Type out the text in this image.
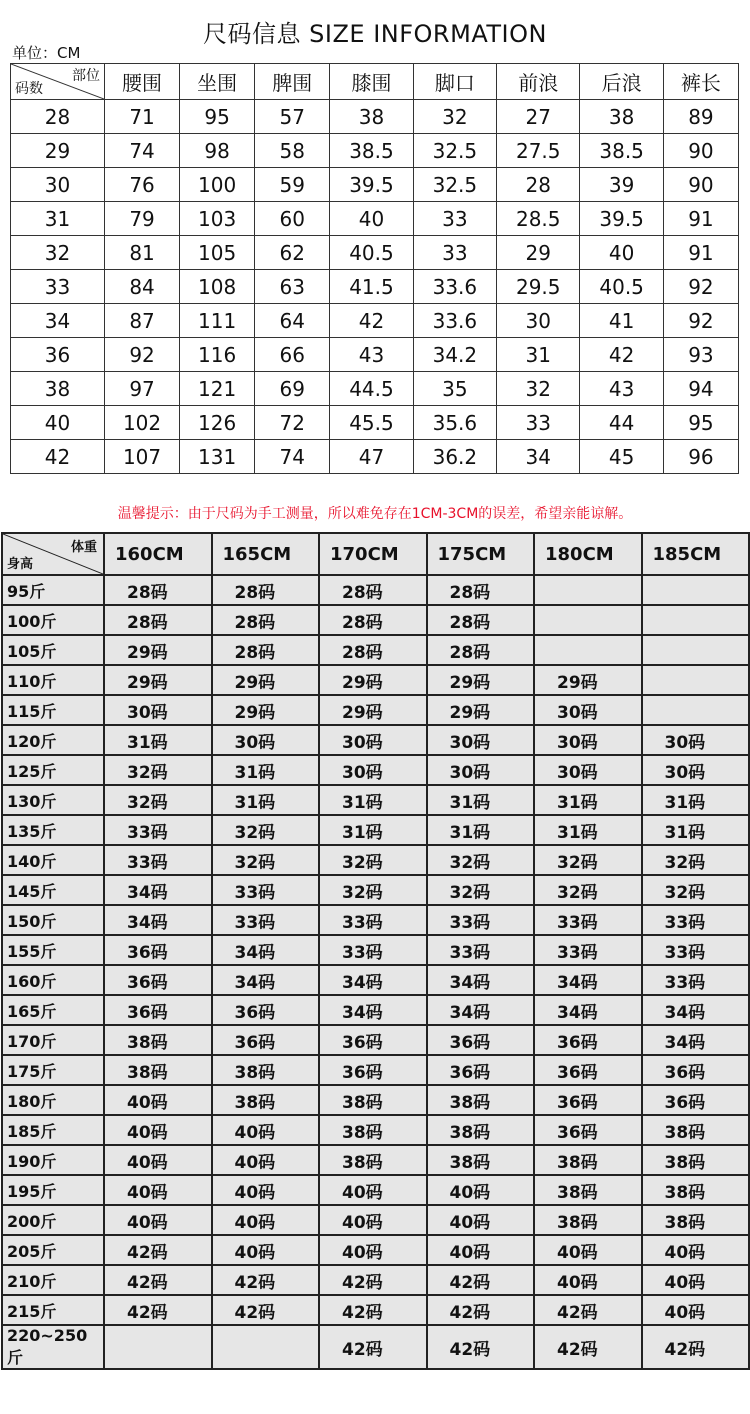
尺码信息 SIZE INFORMATION
单位：CM
部位
码数	腰围	坐围	脾围	膝围	脚口	前浪	后浪	裤长
28	71	95	57	38	32	27	38	89
29	74	98	58	38.5	32.5	27.5	38.5	90
30	76	100	59	39.5	32.5	28	39	90
31	79	103	60	40	33	28.5	39.5	91
32	81	105	62	40.5	33	29	40	91
33	84	108	63	41.5	33.6	29.5	40.5	92
34	87	111	64	42	33.6	30	41	92
36	92	116	66	43	34.2	31	42	93
38	97	121	69	44.5	35	32	43	94
40	102	126	72	45.5	35.6	33	44	95
42	107	131	74	47	36.2	34	45	96
温馨提示：由于尺码为手工测量，所以难免存在1CM-3CM的误差，希望亲能谅解。
体重
身高	160CM	165CM	170CM	175CM	180CM	185CM
95斤	28码	28码	28码	28码		
100斤	28码	28码	28码	28码		
105斤	29码	28码	28码	28码		
110斤	29码	29码	29码	29码	29码	
115斤	30码	29码	29码	29码	30码	
120斤	31码	30码	30码	30码	30码	30码
125斤	32码	31码	30码	30码	30码	30码
130斤	32码	31码	31码	31码	31码	31码
135斤	33码	32码	31码	31码	31码	31码
140斤	33码	32码	32码	32码	32码	32码
145斤	34码	33码	32码	32码	32码	32码
150斤	34码	33码	33码	33码	33码	33码
155斤	36码	34码	33码	33码	33码	33码
160斤	36码	34码	34码	34码	34码	33码
165斤	36码	36码	34码	34码	34码	34码
170斤	38码	36码	36码	36码	36码	34码
175斤	38码	38码	36码	36码	36码	36码
180斤	40码	38码	38码	38码	36码	36码
185斤	40码	40码	38码	38码	36码	38码
190斤	40码	40码	38码	38码	38码	38码
195斤	40码	40码	40码	40码	38码	38码
200斤	40码	40码	40码	40码	38码	38码
205斤	42码	40码	40码	40码	40码	40码
210斤	42码	42码	42码	42码	40码	40码
215斤	42码	42码	42码	42码	42码	40码
220~250斤			42码	42码	42码	42码
